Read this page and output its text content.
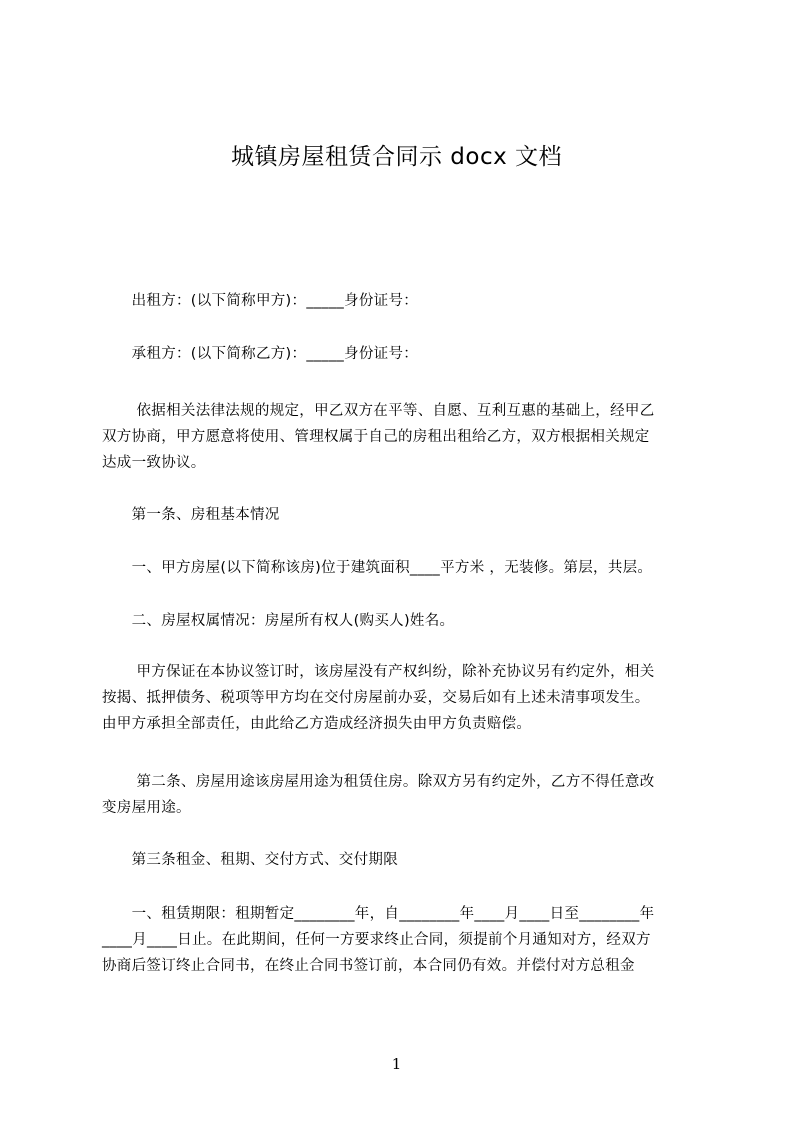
城镇房屋租赁合同示 docx 文档
　　出租方：(以下简称甲方)：_____身份证号：
　　承租方：(以下简称乙方)：_____身份证号：
　　 依据相关法律法规的规定，甲乙双方在平等、自愿、互利互惠的基础上，经甲乙
双方协商，甲方愿意将使用、管理权属于自己的房租出租给乙方，双方根据相关规定
达成一致协议。
　　第一条、房租基本情况
　　一、甲方房屋(以下简称该房)位于建筑面积____平方米 ，无装修。第层，共层。
　　二、房屋权属情况：房屋所有权人(购买人)姓名。
　　 甲方保证在本协议签订时，该房屋没有产权纠纷，除补充协议另有约定外，相关
按揭、抵押债务、税项等甲方均在交付房屋前办妥，交易后如有上述未清事项发生。
由甲方承担全部责任，由此给乙方造成经济损失由甲方负责赔偿。
　　 第二条、房屋用途该房屋用途为租赁住房。除双方另有约定外，乙方不得任意改
变房屋用途。
　　第三条租金、租期、交付方式、交付期限
　　一、租赁期限：租期暂定________年，自________年____月____日至________年
____月____日止。在此期间，任何一方要求终止合同，须提前个月通知对方，经双方
协商后签订终止合同书，在终止合同书签订前，本合同仍有效。并偿付对方总租金
1
